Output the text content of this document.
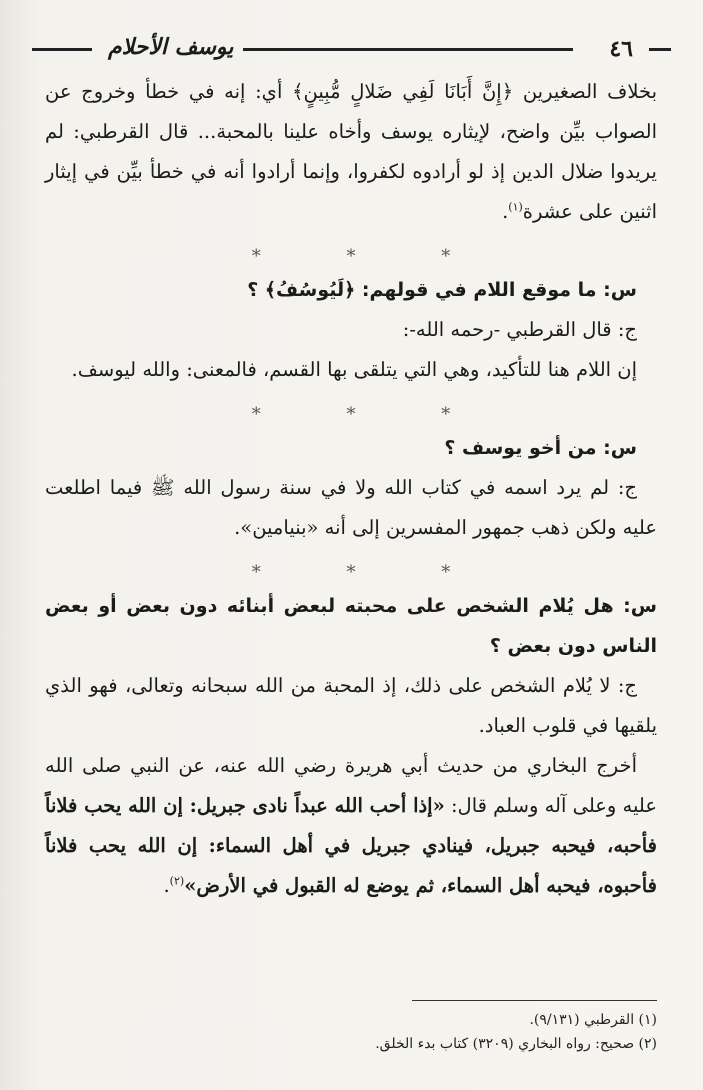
٤٦
يوسف الأحلام

بخلاف الصغيرين ﴿إِنَّ أَبَانَا لَفِي ضَلالٍ مُّبِينٍ﴾ أي: إنه في خطأ وخروج عن الصواب بيِّن واضح، لإيثاره يوسف وأخاه علينا بالمحبة... قال القرطبي: لم يريدوا ضلال الدين إذ لو أرادوه لكفروا، وإنما أرادوا أنه في خطأ بيِّن في إيثار اثنين على عشرة$^{(١)}$.

* * *

س: ما موقع اللام في قولهم: ﴿لَيُوسُفُ﴾ ؟

ج: قال القرطبي -رحمه الله-:

إن اللام هنا للتأكيد، وهي التي يتلقى بها القسم، فالمعنى: والله ليوسف.

* * *

س: من أخو يوسف ؟

ج: لم يرد اسمه في كتاب الله ولا في سنة رسول الله ﷺ فيما اطلعت عليه ولكن ذهب جمهور المفسرين إلى أنه «بنيامين».

* * *

س: هل يُلام الشخص على محبته لبعض أبنائه دون بعض أو بعض الناس دون بعض ؟

ج: لا يُلام الشخص على ذلك، إذ المحبة من الله سبحانه وتعالى، فهو الذي يلقيها في قلوب العباد.

أخرج البخاري من حديث أبي هريرة رضي الله عنه، عن النبي صلى الله عليه وعلى آله وسلم قال: «إذا أحب الله عبداً نادى جبريل: إن الله يحب فلاناً فأحبه، فيحبه جبريل، فينادي جبريل في أهل السماء: إن الله يحب فلاناً فأحبوه، فيحبه أهل السماء، ثم يوضع له القبول في الأرض»$^{(٢)}$.

(١) القرطبي (٩/١٣١).

(٢) صحيح: رواه البخاري (٣٢٠٩) كتاب بدء الخلق.
